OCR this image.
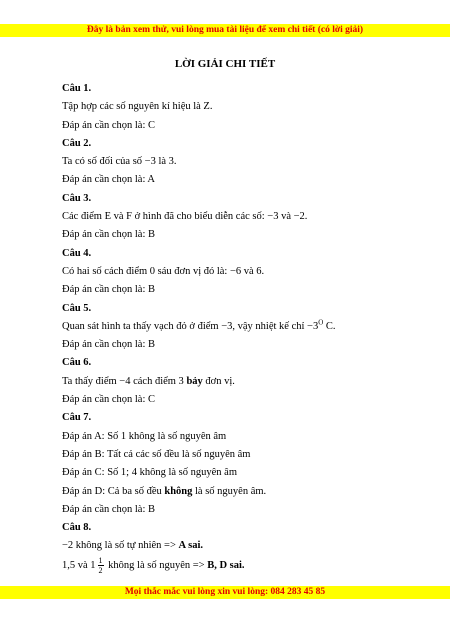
Đây là bản xem thử, vui lòng mua tài liệu để xem chi tiết (có lời giải)
LỜI GIẢI CHI TIẾT
Câu 1.
Tập hợp các số nguyên kí hiệu là Z.
Đáp án cần chọn là: C
Câu 2.
Ta có số đối của số −3 là 3.
Đáp án cần chọn là: A
Câu 3.
Các điểm E và F ở hình đã cho biểu diễn các số: −3 và −2.
Đáp án cần chọn là: B
Câu 4.
Có hai số cách điểm 0 sáu đơn vị đó là: −6 và 6.
Đáp án cần chọn là: B
Câu 5.
Quan sát hình ta thấy vạch đỏ ở điểm −3, vậy nhiệt kế chỉ $-3^O$ C.
Đáp án cần chọn là: B
Câu 6.
Ta thấy điểm −4 cách điểm 3 bảy đơn vị.
Đáp án cần chọn là: C
Câu 7.
Đáp án A: Số 1 không là số nguyên âm
Đáp án B: Tất cả các số đều là số nguyên âm
Đáp án C: Số 1; 4 không là số nguyên âm
Đáp án D: Cả ba số đều không là số nguyên âm.
Đáp án cần chọn là: B
Câu 8.
−2 không là số tự nhiên => A sai.
1,5 và $1 \frac{1}{2}$ không là số nguyên => B, D sai.
Mọi thắc mắc vui lòng xin vui lòng: 084 283 45 85
